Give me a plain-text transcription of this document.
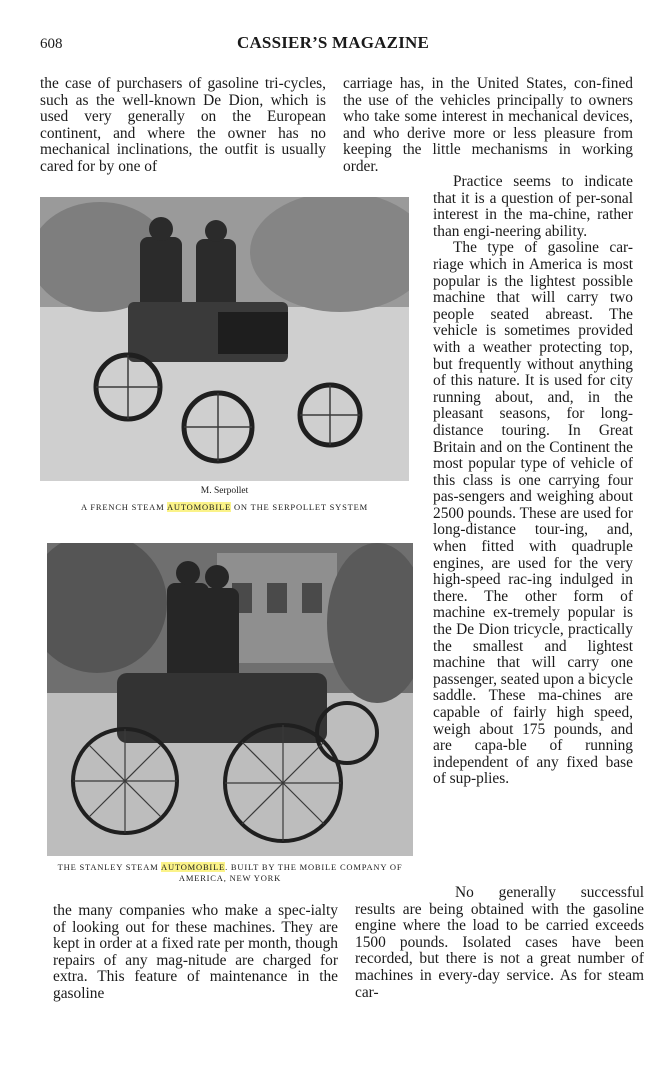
608	CASSIER’S MAGAZINE

the case of purchasers of gasoline tri-cycles, such as the well-known De Dion, which is used very generally on the European continent, and where the owner has no mechanical inclinations, the outfit is usually cared for by one of

carriage has, in the United States, con-fined the use of the vehicles principally to owners who take some interest in mechanical devices, and who derive more or less pleasure from keeping the little mechanisms in working order.

Practice seems to indicate that it is a question of per-sonal interest in the ma-chine, rather than engi-neering ability.

The type of gasoline car-riage which in America is most popular is the lightest possible machine that will carry two people seated abreast. The vehicle is sometimes provided with a weather protecting top, but frequently without anything of this nature. It is used for city running about, and, in the pleasant seasons, for long-distance touring. In Great Britain and on the Continent the most popular type of vehicle of this class is one carrying four pas-sengers and weighing about 2500 pounds. These are used for long-distance tour-ing, and, when fitted with quadruple engines, are used for the very high-speed rac-ing indulged in there. The other form of machine ex-tremely popular is the De Dion tricycle, practically the smallest and lightest machine that will carry one passenger, seated upon a bicycle saddle. These ma-chines are capable of fairly high speed, weigh about 175 pounds, and are capa-ble of running independent of any fixed base of sup-plies.

M. Serpollet
A FRENCH STEAM AUTOMOBILE ON THE SERPOLLET SYSTEM
THE STANLEY STEAM AUTOMOBILE. BUILT BY THE MOBILE COMPANY OF AMERICA, NEW YORK

the many companies who make a spec-ialty of looking out for these machines. They are kept in order at a fixed rate per month, though repairs of any mag-nitude are charged for extra. This feature of maintenance in the gasoline

No generally successful results are being obtained with the gasoline engine where the load to be carried exceeds 1500 pounds. Isolated cases have been recorded, but there is not a great number of machines in every-day service. As for steam car-
